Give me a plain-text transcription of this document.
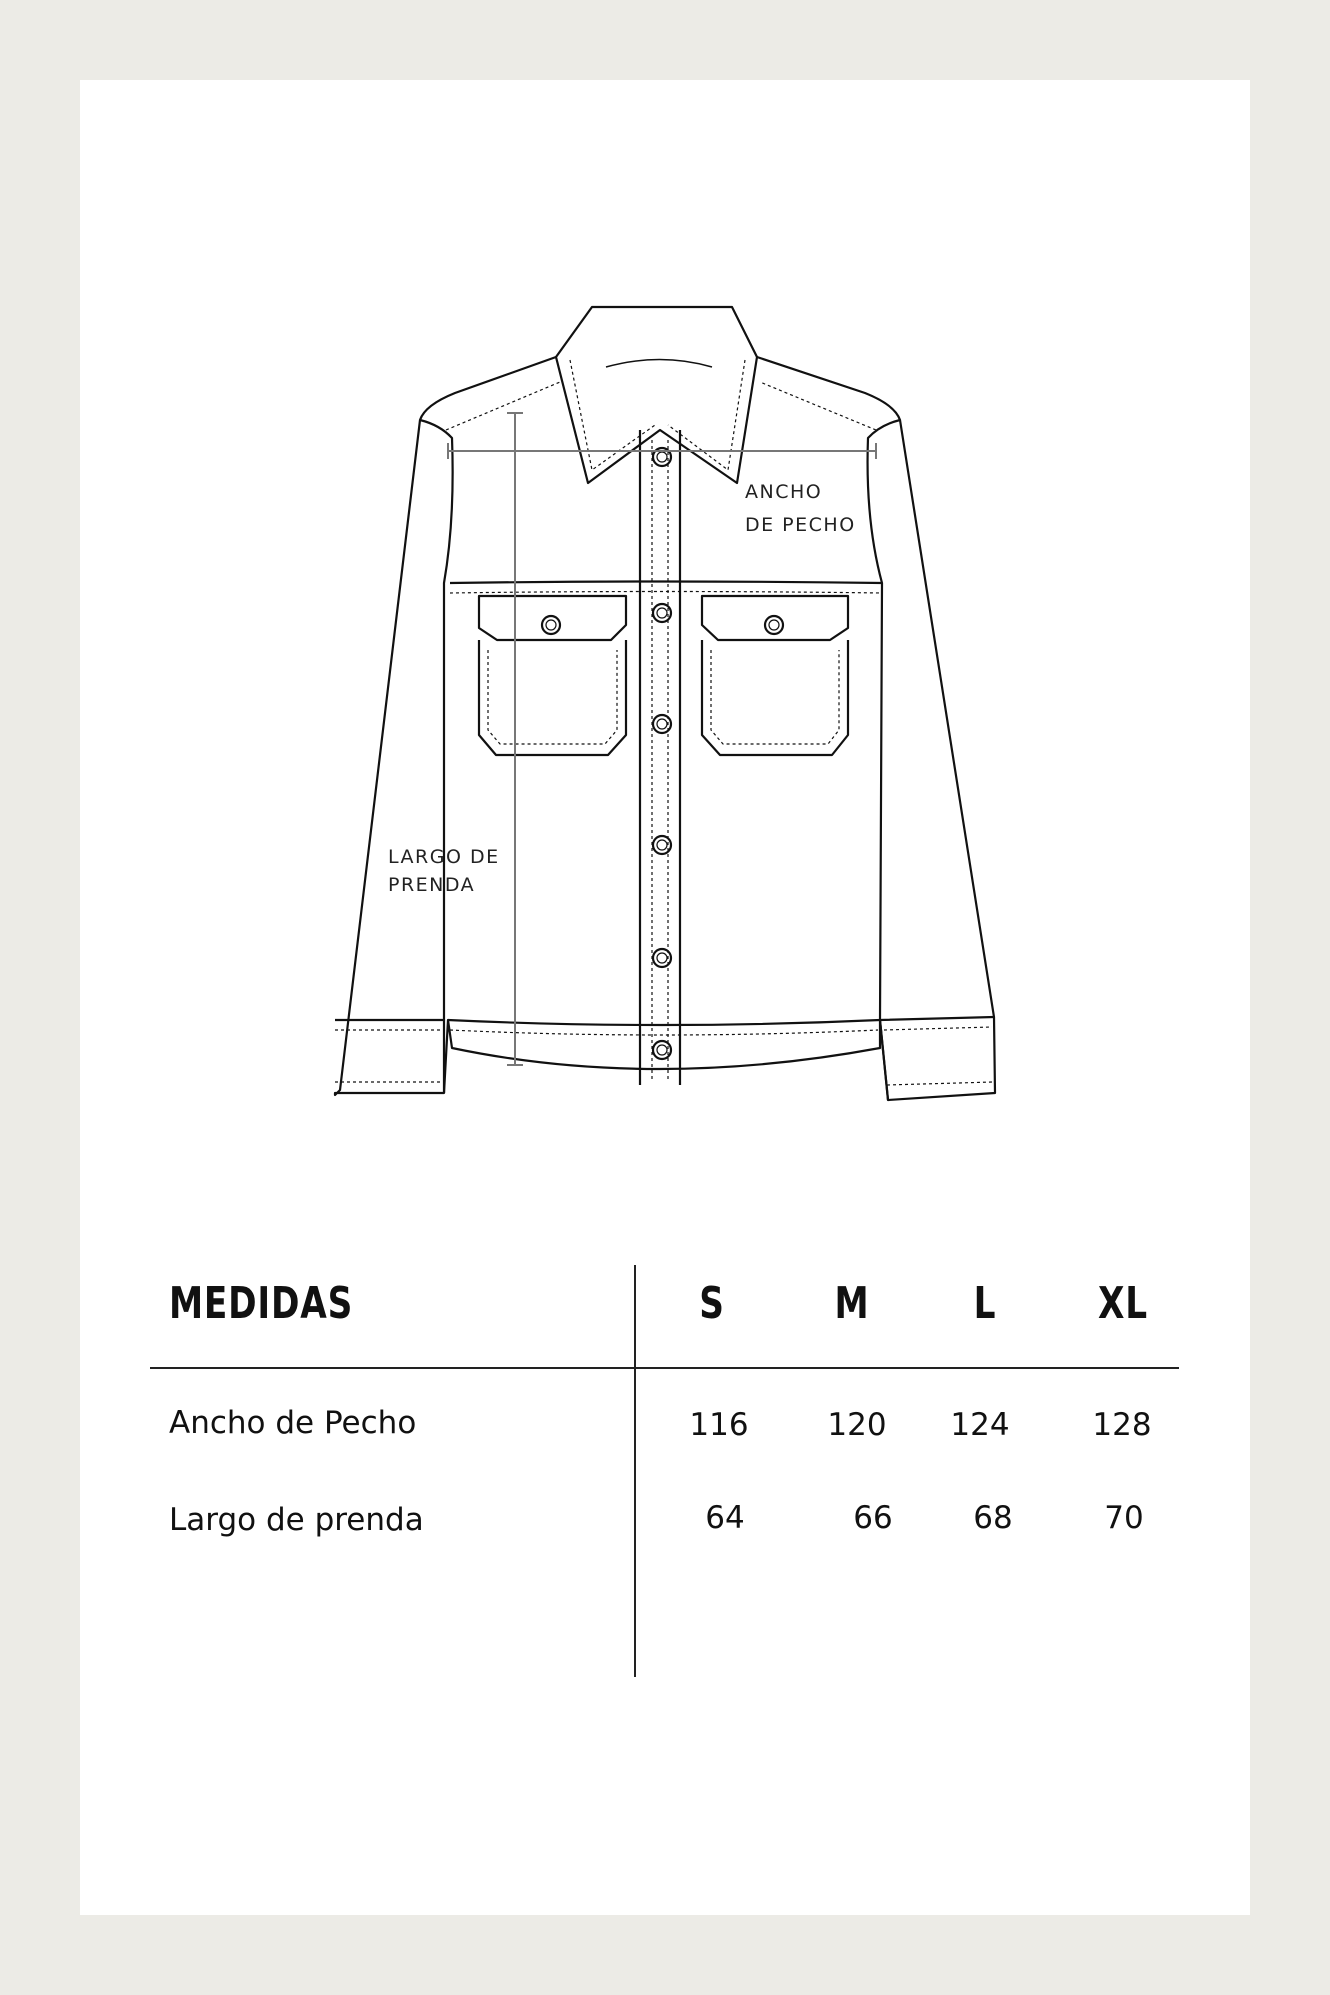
ANCHO
DE PECHO
LARGO DE
PRENDA
MEDIDAS	S	M	L	XL
Ancho de Pecho	116	120	124	128
Largo de prenda	64	66	68	70
